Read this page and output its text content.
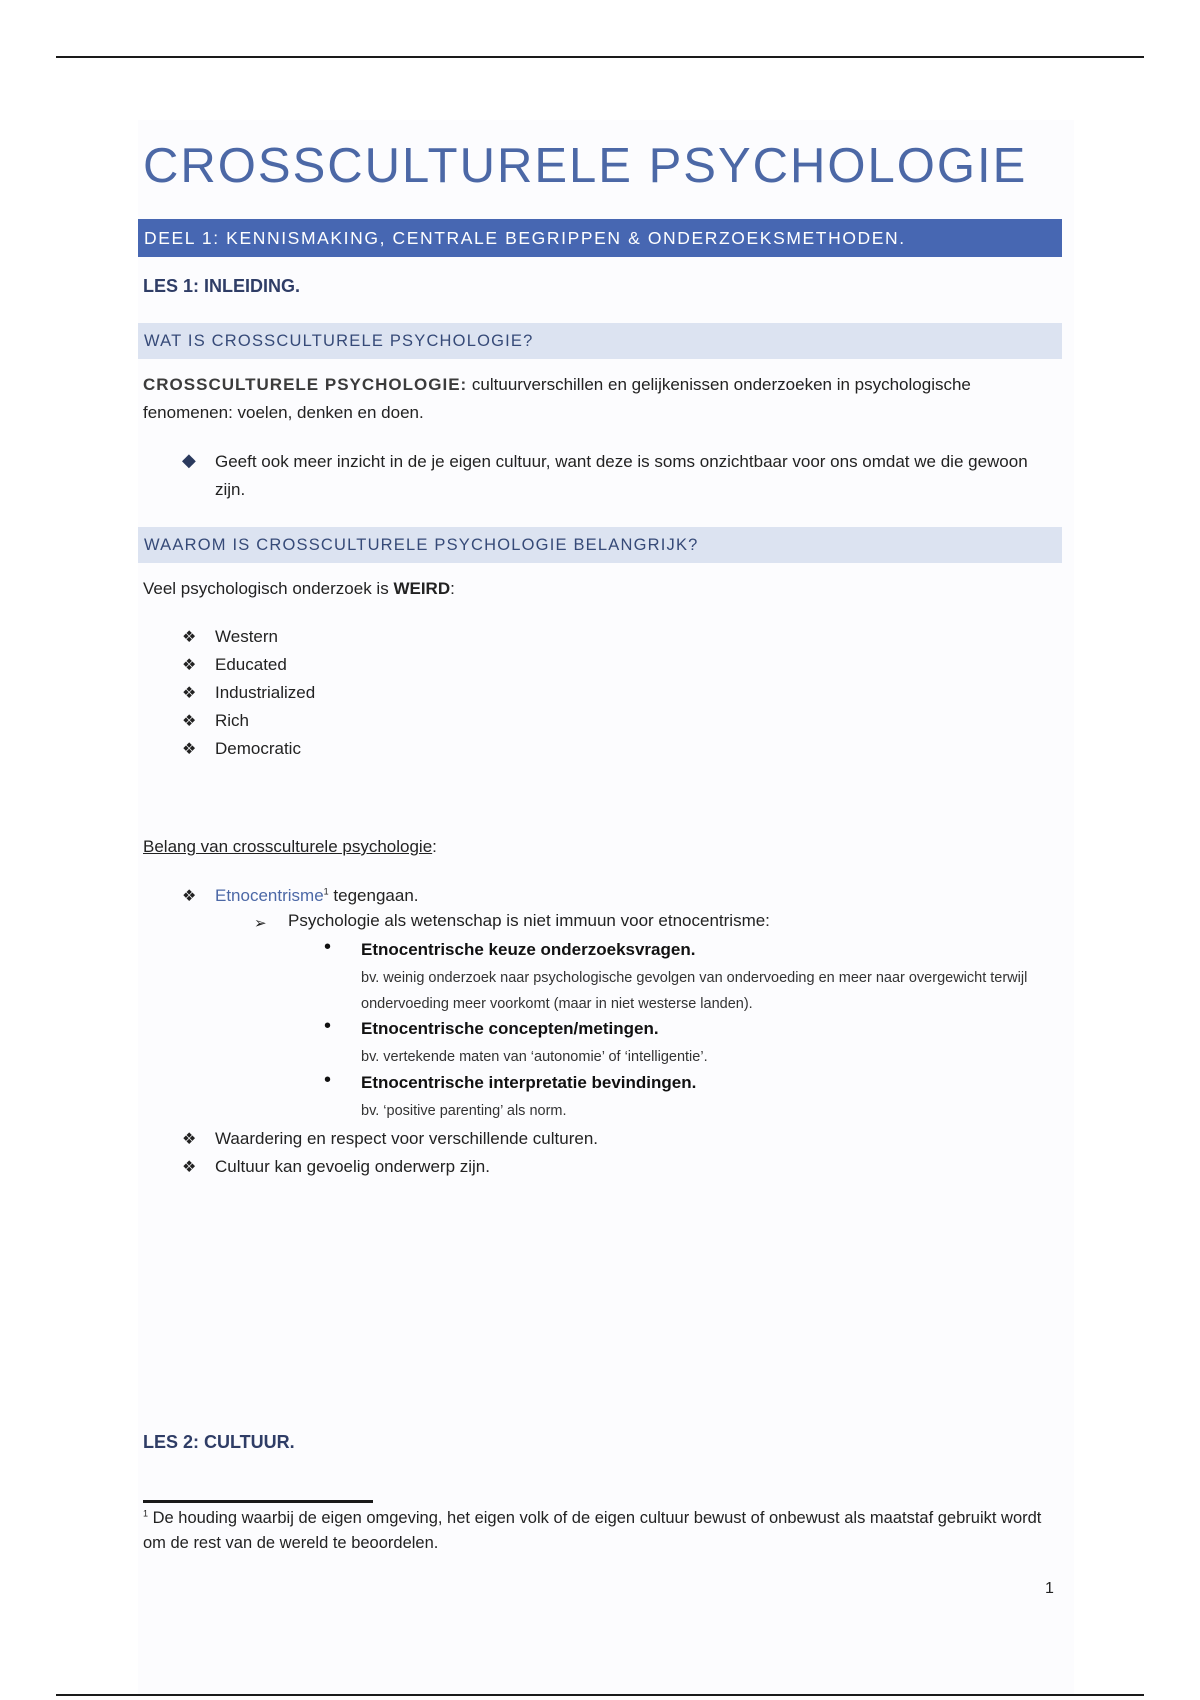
CROSSCULTURELE PSYCHOLOGIE
DEEL 1: KENNISMAKING, CENTRALE BEGRIPPEN & ONDERZOEKSMETHODEN.
LES 1: INLEIDING.
WAT IS CROSSCULTURELE PSYCHOLOGIE?
CROSSCULTURELE PSYCHOLOGIE: cultuurverschillen en gelijkenissen onderzoeken in psychologische fenomenen: voelen, denken en doen.
◆ Geeft ook meer inzicht in de je eigen cultuur, want deze is soms onzichtbaar voor ons omdat we die gewoon zijn.
WAAROM IS CROSSCULTURELE PSYCHOLOGIE BELANGRIJK?
Veel psychologisch onderzoek is WEIRD:
❖ Western
❖ Educated
❖ Industrialized
❖ Rich
❖ Democratic
Belang van crossculturele psychologie:
❖ Etnocentrisme$^1$ tegengaan.
➢ Psychologie als wetenschap is niet immuun voor etnocentrisme:
• Etnocentrische keuze onderzoeksvragen.
bv. weinig onderzoek naar psychologische gevolgen van ondervoeding en meer naar overgewicht terwijl ondervoeding meer voorkomt (maar in niet westerse landen).
• Etnocentrische concepten/metingen.
bv. vertekende maten van ‘autonomie’ of ‘intelligentie’.
• Etnocentrische interpretatie bevindingen.
bv. ‘positive parenting’ als norm.
❖ Waardering en respect voor verschillende culturen.
❖ Cultuur kan gevoelig onderwerp zijn.
LES 2: CULTUUR.
$^1$ De houding waarbij de eigen omgeving, het eigen volk of de eigen cultuur bewust of onbewust als maatstaf gebruikt wordt om de rest van de wereld te beoordelen.
1
